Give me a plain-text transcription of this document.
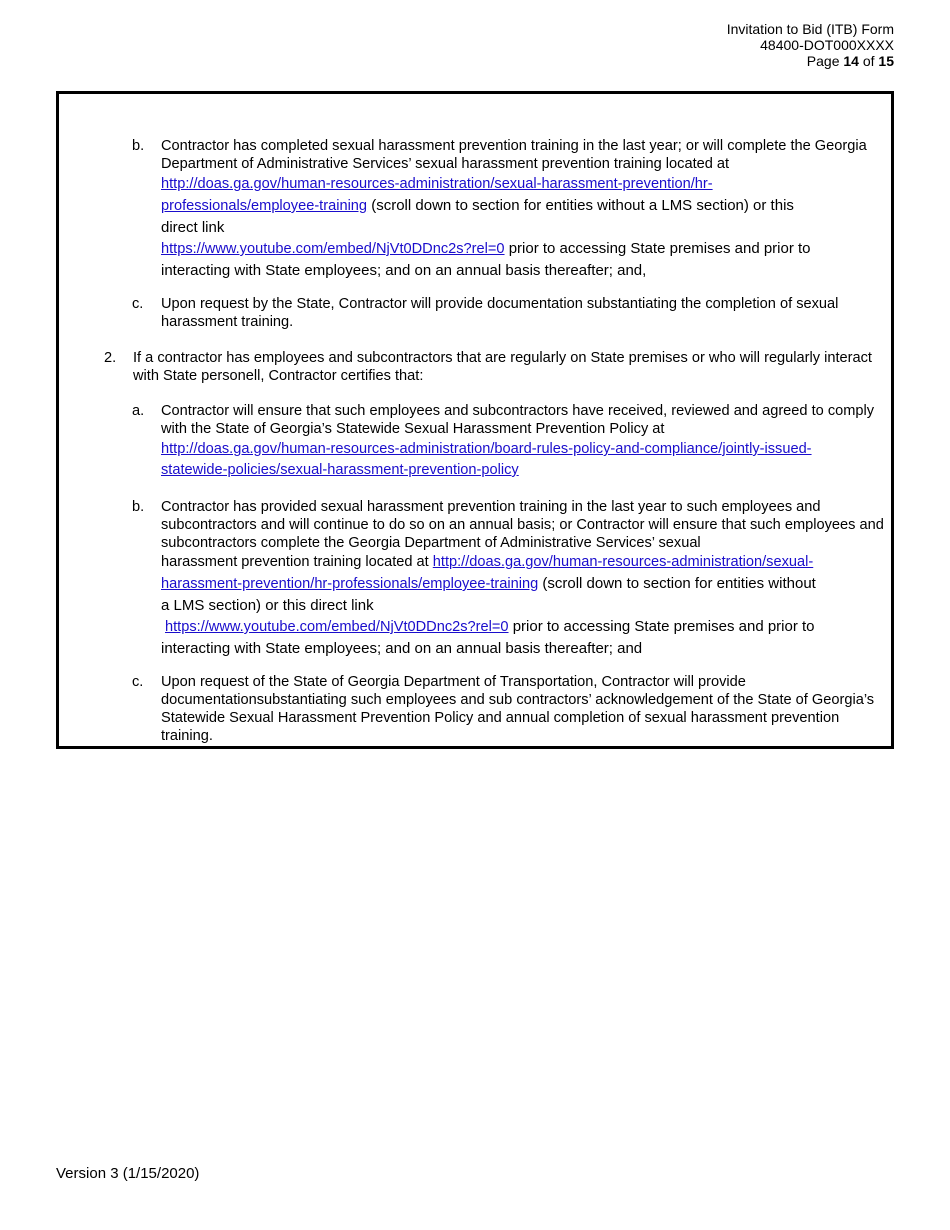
Invitation to Bid (ITB) Form
48400-DOT000XXXX
Page 14 of 15
b. Contractor has completed sexual harassment prevention training in the last year; or will complete the Georgia Department of Administrative Services’ sexual harassment prevention training located at
http://doas.ga.gov/human-resources-administration/sexual-harassment-prevention/hr-
professionals/employee-training (scroll down to section for entities without a LMS section) or this
direct link
https://www.youtube.com/embed/NjVt0DDnc2s?rel=0 prior to accessing State premises and prior to
interacting with State employees; and on an annual basis thereafter; and,
c. Upon request by the State, Contractor will provide documentation substantiating the completion of sexual harassment training.
2. If a contractor has employees and subcontractors that are regularly on State premises or who will regularly interact with State personell, Contractor certifies that:
a. Contractor will ensure that such employees and subcontractors have received, reviewed and agreed to comply with the State of Georgia’s Statewide Sexual Harassment Prevention Policy at
http://doas.ga.gov/human-resources-administration/board-rules-policy-and-compliance/jointly-issued-
statewide-policies/sexual-harassment-prevention-policy
b. Contractor has provided sexual harassment prevention training in the last year to such employees and subcontractors and will continue to do so on an annual basis; or Contractor will ensure that such employees and subcontractors complete the Georgia Department of Administrative Services’ sexual
harassment prevention training located at http://doas.ga.gov/human-resources-administration/sexual-
harassment-prevention/hr-professionals/employee-training (scroll down to section for entities without
a LMS section) or this direct link
https://www.youtube.com/embed/NjVt0DDnc2s?rel=0 prior to accessing State premises and prior to
interacting with State employees; and on an annual basis thereafter; and
c. Upon request of the State of Georgia Department of Transportation, Contractor will provide documentationsubstantiating such employees and sub contractors’ acknowledgement of the State of Georgia’s Statewide Sexual Harassment Prevention Policy and annual completion of sexual harassment prevention training.
Version 3 (1/15/2020)
